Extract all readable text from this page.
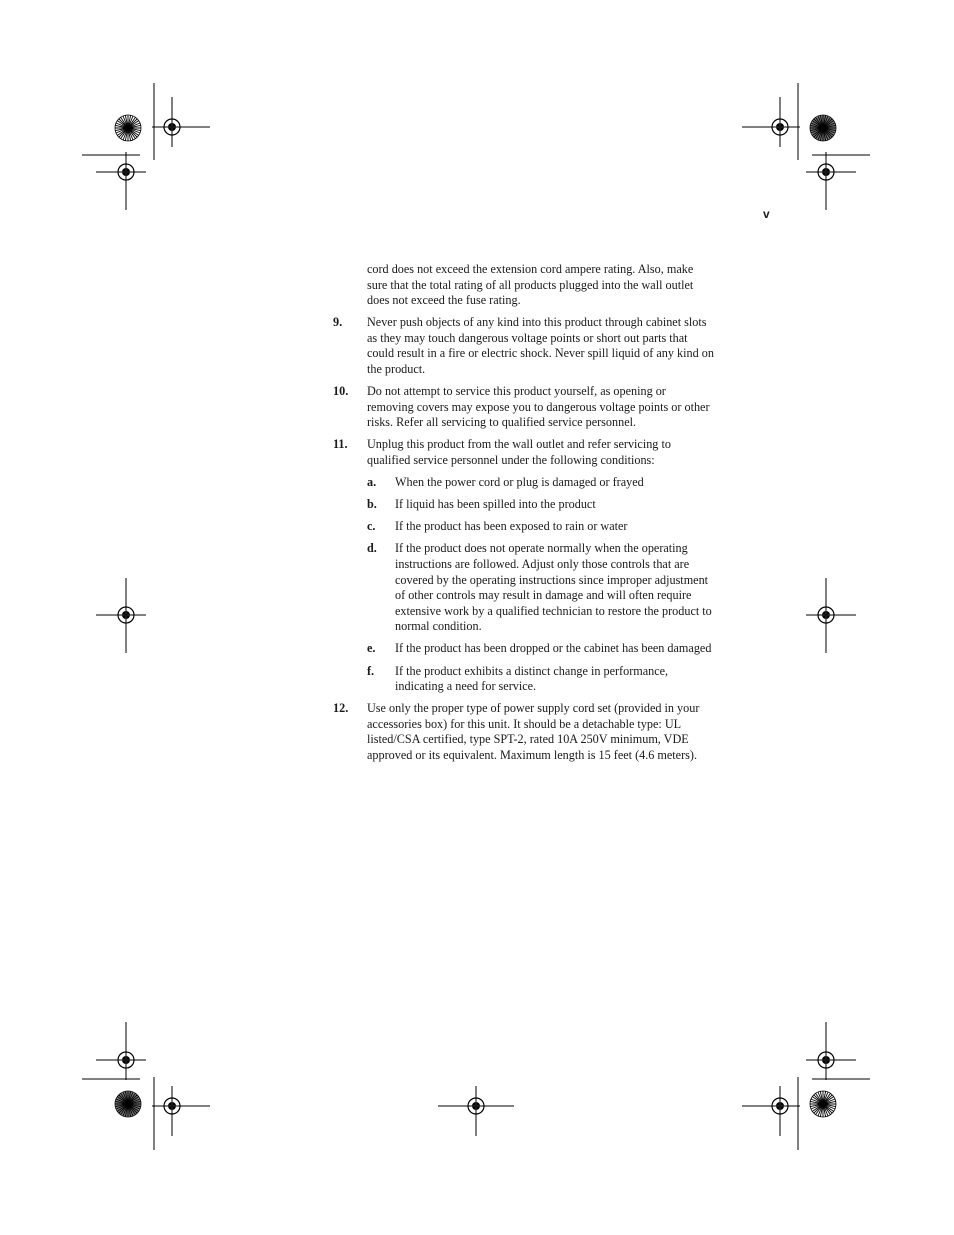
v

cord does not exceed the extension cord ampere rating. Also, make sure that the total rating of all products plugged into the wall outlet does not exceed the fuse rating.

9.	Never push objects of any kind into this product through cabinet slots as they may touch dangerous voltage points or short out parts that could result in a fire or electric shock. Never spill liquid of any kind on the product.
10.	Do not attempt to service this product yourself, as opening or removing covers may expose you to dangerous voltage points or other risks. Refer all servicing to qualified service personnel.
11.	Unplug this product from the wall outlet and refer servicing to qualified service personnel under the following conditions:
a.	When the power cord or plug is damaged or frayed
b.	If liquid has been spilled into the product
c.	If the product has been exposed to rain or water
d.	If the product does not operate normally when the operating instructions are followed. Adjust only those controls that are covered by the operating instructions since improper adjustment of other controls may result in damage and will often require extensive work by a qualified technician to restore the product to normal condition.
e.	If the product has been dropped or the cabinet has been damaged
f.	If the product exhibits a distinct change in performance, indicating a need for service.
12.	Use only the proper type of power supply cord set (provided in your accessories box) for this unit. It should be a detachable type: UL listed/CSA certified, type SPT-2, rated 10A 250V minimum, VDE approved or its equivalent. Maximum length is 15 feet (4.6 meters).
